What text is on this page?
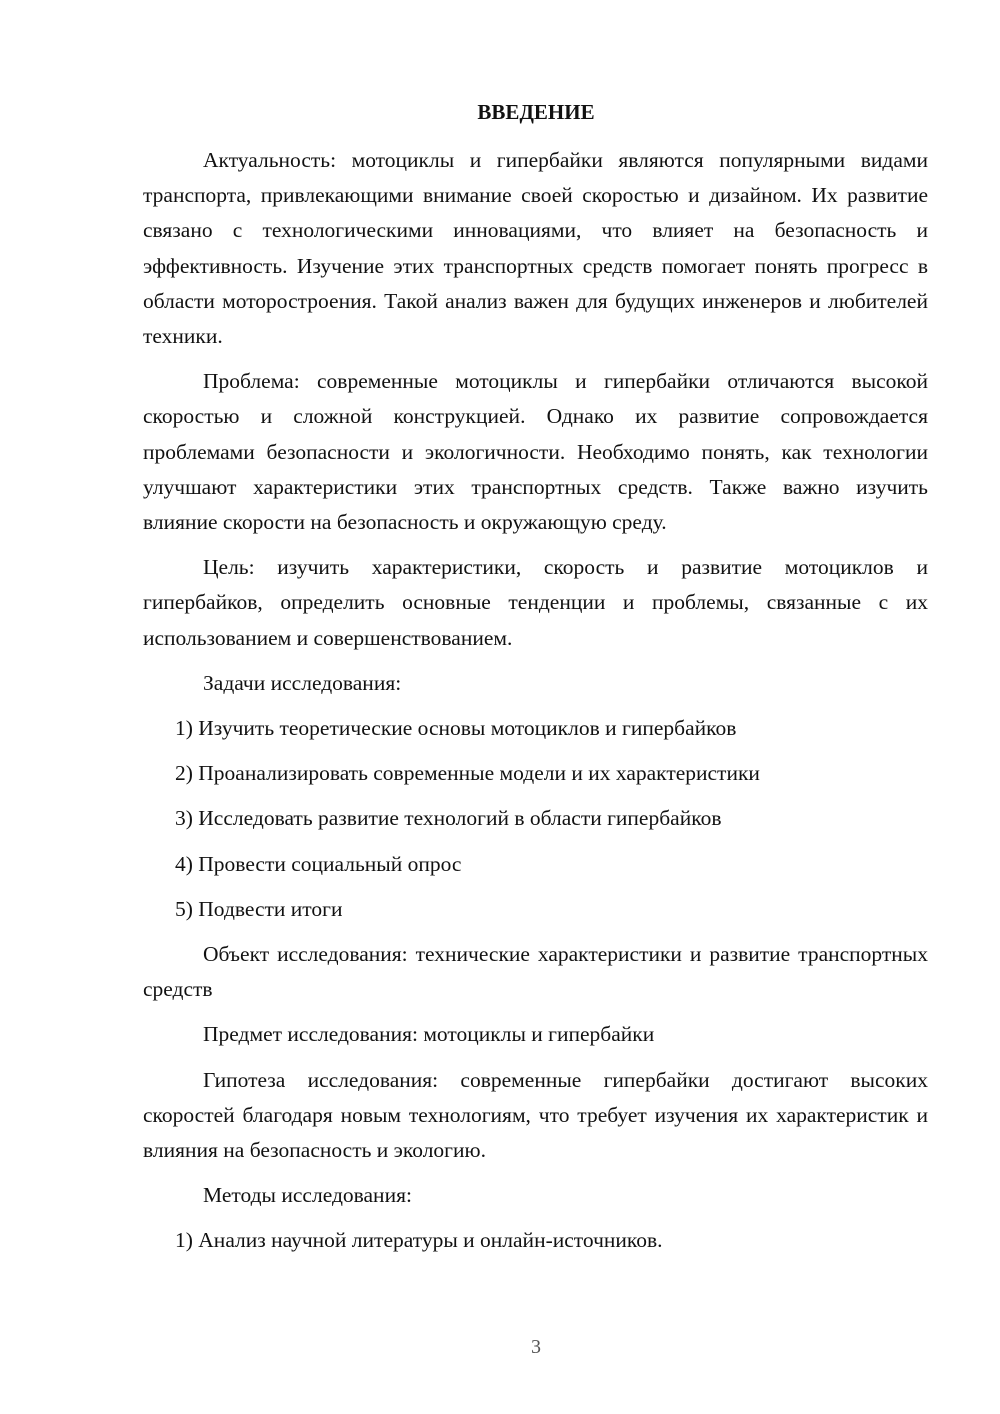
ВВЕДЕНИЕ

Актуальность: мотоциклы и гипербайки являются популярными видами транспорта, привлекающими внимание своей скоростью и дизайном. Их развитие связано с технологическими инновациями, что влияет на безопасность и эффективность. Изучение этих транспортных средств помогает понять прогресс в области моторостроения. Такой анализ важен для будущих инженеров и любителей техники.

Проблема: современные мотоциклы и гипербайки отличаются высокой скоростью и сложной конструкцией. Однако их развитие сопровождается проблемами безопасности и экологичности. Необходимо понять, как технологии улучшают характеристики этих транспортных средств. Также важно изучить влияние скорости на безопасность и окружающую среду.

Цель: изучить характеристики, скорость и развитие мотоциклов и гипербайков, определить основные тенденции и проблемы, связанные с их использованием и совершенствованием.

Задачи исследования:

1) Изучить теоретические основы мотоциклов и гипербайков
2) Проанализировать современные модели и их характеристики
3) Исследовать развитие технологий в области гипербайков
4) Провести социальный опрос
5) Подвести итоги

Объект исследования: технические характеристики и развитие транспортных средств

Предмет исследования: мотоциклы и гипербайки

Гипотеза исследования: современные гипербайки достигают высоких скоростей благодаря новым технологиям, что требует изучения их характеристик и влияния на безопасность и экологию.

Методы исследования:

1) Анализ научной литературы и онлайн-источников.
3
